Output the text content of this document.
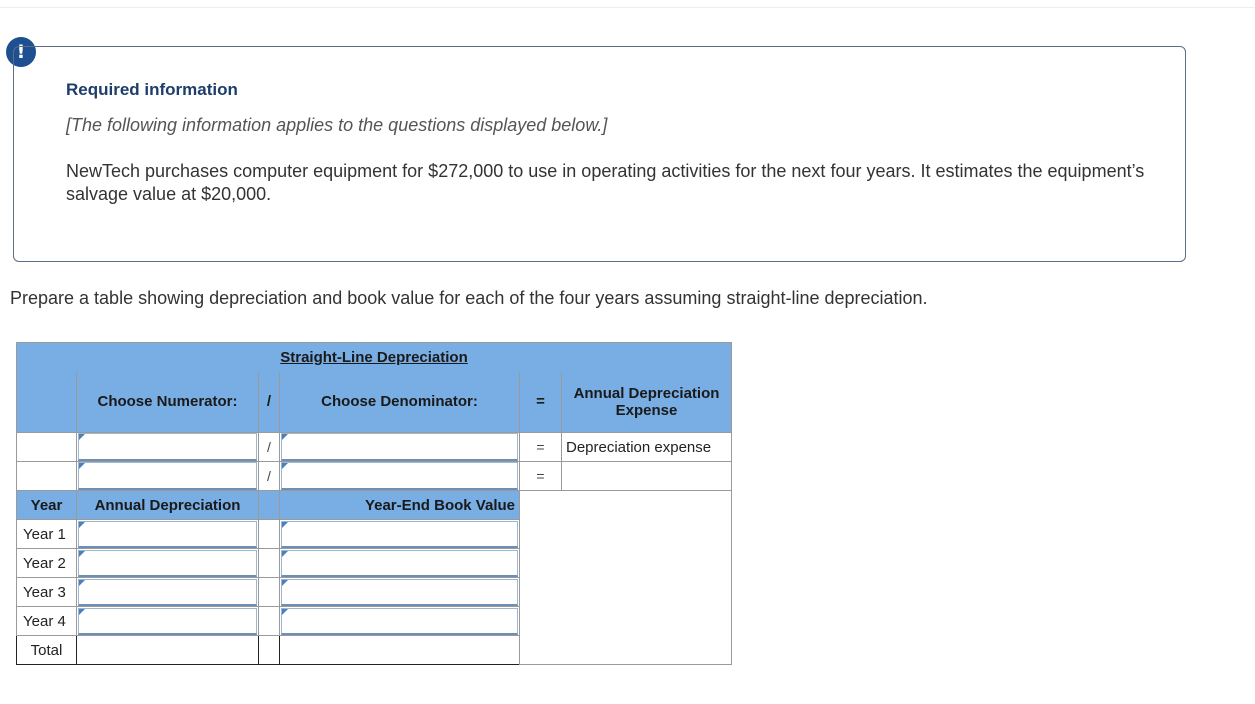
!
Required information
[The following information applies to the questions displayed below.]
NewTech purchases computer equipment for $272,000 to use in operating activities for the next four years. It estimates the equipment’s salvage value at $20,000.
Prepare a table showing depreciation and book value for each of the four years assuming straight-line depreciation.
Straight-Line Depreciation					
	Choose Numerator:	/	Choose Denominator:	=	Annual Depreciation Expense

	/		=	Depreciation expense

	/		=	
Year	Annual Depreciation		Year-End Book Value		
Year 1			

Year 2			

Year 3			

Year 4			

Total					
